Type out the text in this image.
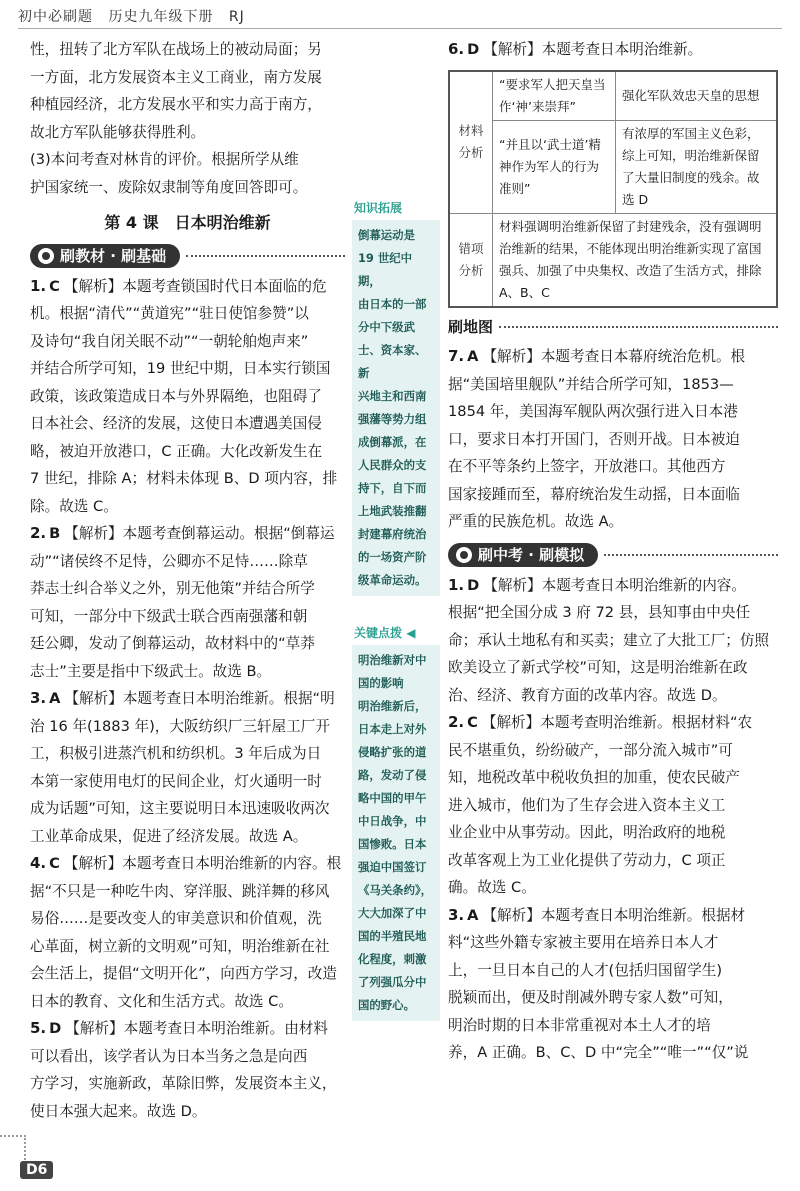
初中必刷题 历史九年级下册 RJ

性，扭转了北方军队在战场上的被动局面；另

一方面，北方发展资本主义工商业，南方发展

种植园经济，北方发展水平和实力高于南方，

故北方军队能够获得胜利。

(3)本问考查对林肯的评价。根据所学从维

护国家统一、废除奴隶制等角度回答即可。

第 4 课　日本明治维新
刷教材 · 刷基础

1. C 【解析】本题考查锁国时代日本面临的危

机。根据“清代”“黄道宪”“驻日使馆参赞”以

及诗句“我自闭关眠不动”“一朝轮舶炮声来”

并结合所学可知，19 世纪中期，日本实行锁国

政策，该政策造成日本与外界隔绝，也阻碍了

日本社会、经济的发展，这使日本遭遇美国侵

略，被迫开放港口，C 正确。大化改新发生在

7 世纪，排除 A；材料未体现 B、D 项内容，排

除。故选 C。

2. B 【解析】本题考查倒幕运动。根据“倒幕运

动”“诸侯终不足恃，公卿亦不足恃……除草

莽志士纠合举义之外，别无他策”并结合所学

可知，一部分中下级武士联合西南强藩和朝

廷公卿，发动了倒幕运动，故材料中的“草莽

志士”主要是指中下级武士。故选 B。

3. A 【解析】本题考查日本明治维新。根据“明

治 16 年(1883 年)，大阪纺织厂三轩屋工厂开

工，积极引进蒸汽机和纺织机。3 年后成为日

本第一家使用电灯的民间企业，灯火通明一时

成为话题”可知，这主要说明日本迅速吸收两次

工业革命成果，促进了经济发展。故选 A。

4. C 【解析】本题考查日本明治维新的内容。根

据“不只是一种吃牛肉、穿洋服、跳洋舞的移风

易俗……是要改变人的审美意识和价值观，洗

心革面，树立新的文明观”可知，明治维新在社

会生活上，提倡“文明开化”，向西方学习，改造

日本的教育、文化和生活方式。故选 C。

5. D 【解析】本题考查日本明治维新。由材料

可以看出，该学者认为日本当务之急是向西

方学习，实施新政，革除旧弊，发展资本主义，

使日本强大起来。故选 D。

知识拓展
倒幕运动是
19 世纪中期，
由日本的一部
分中下级武
士、资本家、新
兴地主和西南
强藩等势力组
成倒幕派，在
人民群众的支
持下，自下而
上地武装推翻
封建幕府统治
的一场资产阶
级革命运动。
关键点拨 ◀
明治维新对中
国的影响
明治维新后，
日本走上对外
侵略扩张的道
路，发动了侵
略中国的甲午
中日战争，中
国惨败。日本
强迫中国签订
《马关条约》，
大大加深了中
国的半殖民地
化程度，刺激
了列强瓜分中
国的野心。

6. D 【解析】本题考查日本明治维新。

材料分析	“要求军人把天皇当作‘神’来崇拜”	强化军队效忠天皇的思想
	“并且以‘武士道’精神作为军人的行为准则”	有浓厚的军国主义色彩，综上可知，明治维新保留了大量旧制度的残余。故选 D
错项分析	材料强调明治维新保留了封建残余，没有强调明治维新的结果，不能体现出明治维新实现了富国强兵、加强了中央集权、改造了生活方式，排除 A、B、C	
刷地图

7. A 【解析】本题考查日本幕府统治危机。根

据“美国培里舰队”并结合所学可知，1853—

1854 年，美国海军舰队两次强行进入日本港

口，要求日本打开国门，否则开战。日本被迫

在不平等条约上签字，开放港口。其他西方

国家接踵而至，幕府统治发生动摇，日本面临

严重的民族危机。故选 A。

刷中考 · 刷模拟

1. D 【解析】本题考查日本明治维新的内容。

根据“把全国分成 3 府 72 县，县知事由中央任

命；承认土地私有和买卖；建立了大批工厂；仿照

欧美设立了新式学校”可知，这是明治维新在政

治、经济、教育方面的改革内容。故选 D。

2. C 【解析】本题考查明治维新。根据材料“农

民不堪重负，纷纷破产，一部分流入城市”可

知，地税改革中税收负担的加重，使农民破产

进入城市，他们为了生存会进入资本主义工

业企业中从事劳动。因此，明治政府的地税

改革客观上为工业化提供了劳动力，C 项正

确。故选 C。

3. A 【解析】本题考查日本明治维新。根据材

料“这些外籍专家被主要用在培养日本人才

上，一旦日本自己的人才(包括归国留学生)

脱颖而出，便及时削减外聘专家人数”可知，

明治时期的日本非常重视对本土人才的培

养，A 正确。B、C、D 中“完全”“唯一”“仅”说

D6
